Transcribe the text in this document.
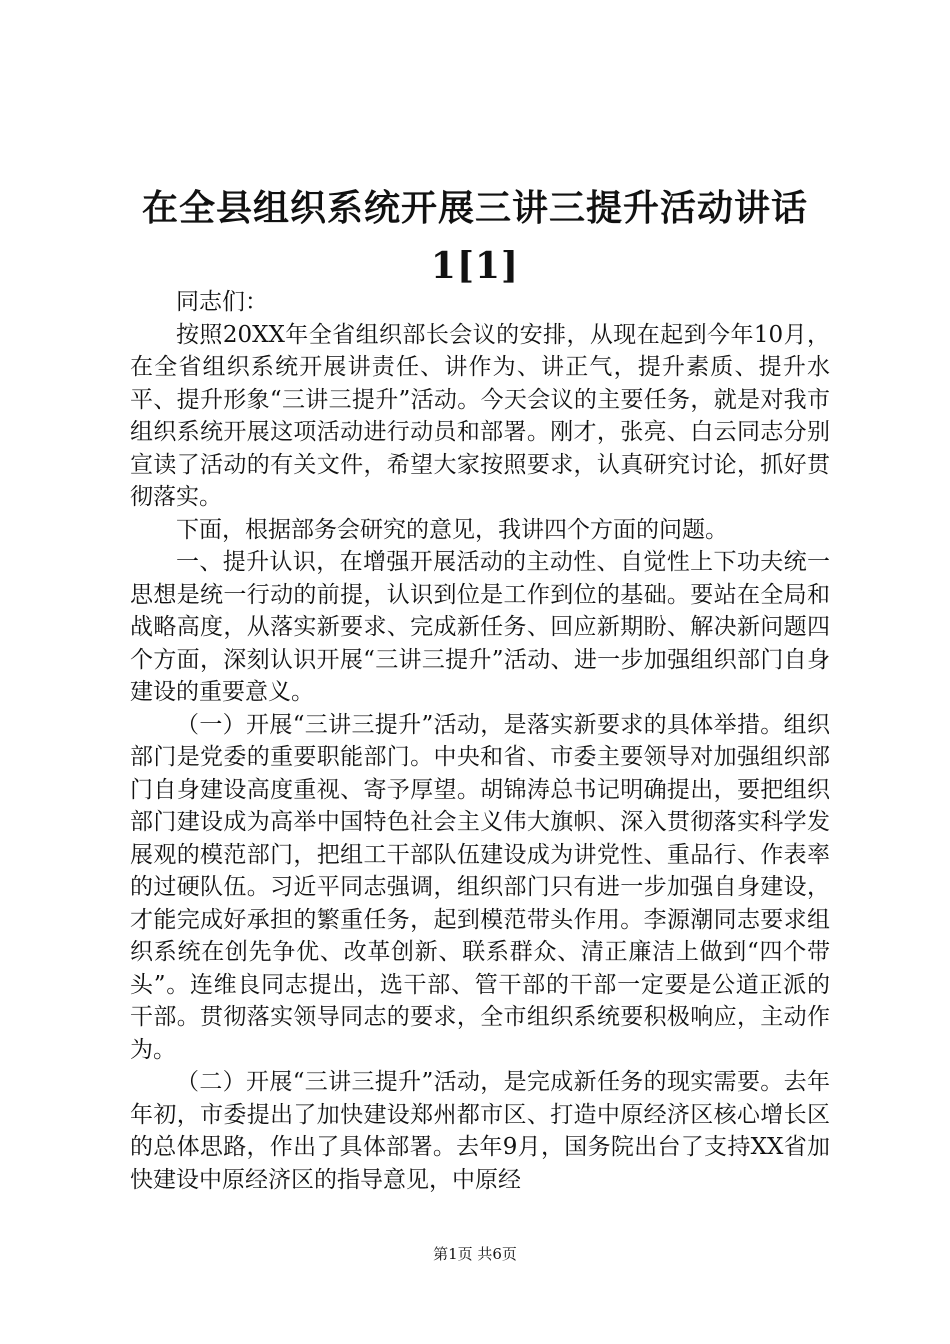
在全县组织系统开展三讲三提升活动讲话
1[1]

同志们：

按照20XX年全省组织部长会议的安排，从现在起到今年10月，在全省组织系统开展讲责任、讲作为、讲正气，提升素质、提升水平、提升形象“三讲三提升”活动。今天会议的主要任务，就是对我市组织系统开展这项活动进行动员和部署。刚才，张亮、白云同志分别宣读了活动的有关文件，希望大家按照要求，认真研究讨论，抓好贯彻落实。

下面，根据部务会研究的意见，我讲四个方面的问题。

一、提升认识，在增强开展活动的主动性、自觉性上下功夫统一思想是统一行动的前提，认识到位是工作到位的基础。要站在全局和战略高度，从落实新要求、完成新任务、回应新期盼、解决新问题四个方面，深刻认识开展“三讲三提升”活动、进一步加强组织部门自身建设的重要意义。

（一）开展“三讲三提升”活动，是落实新要求的具体举措。组织部门是党委的重要职能部门。中央和省、市委主要领导对加强组织部门自身建设高度重视、寄予厚望。胡锦涛总书记明确提出，要把组织部门建设成为高举中国特色社会主义伟大旗帜、深入贯彻落实科学发展观的模范部门，把组工干部队伍建设成为讲党性、重品行、作表率的过硬队伍。习近平同志强调，组织部门只有进一步加强自身建设，才能完成好承担的繁重任务，起到模范带头作用。李源潮同志要求组织系统在创先争优、改革创新、联系群众、清正廉洁上做到“四个带头”。连维良同志提出，选干部、管干部的干部一定要是公道正派的干部。贯彻落实领导同志的要求，全市组织系统要积极响应，主动作为。

（二）开展“三讲三提升”活动，是完成新任务的现实需要。去年年初，市委提出了加快建设郑州都市区、打造中原经济区核心增长区的总体思路，作出了具体部署。去年9月，国务院出台了支持XX省加快建设中原经济区的指导意见，中原经

第1页 共6页
